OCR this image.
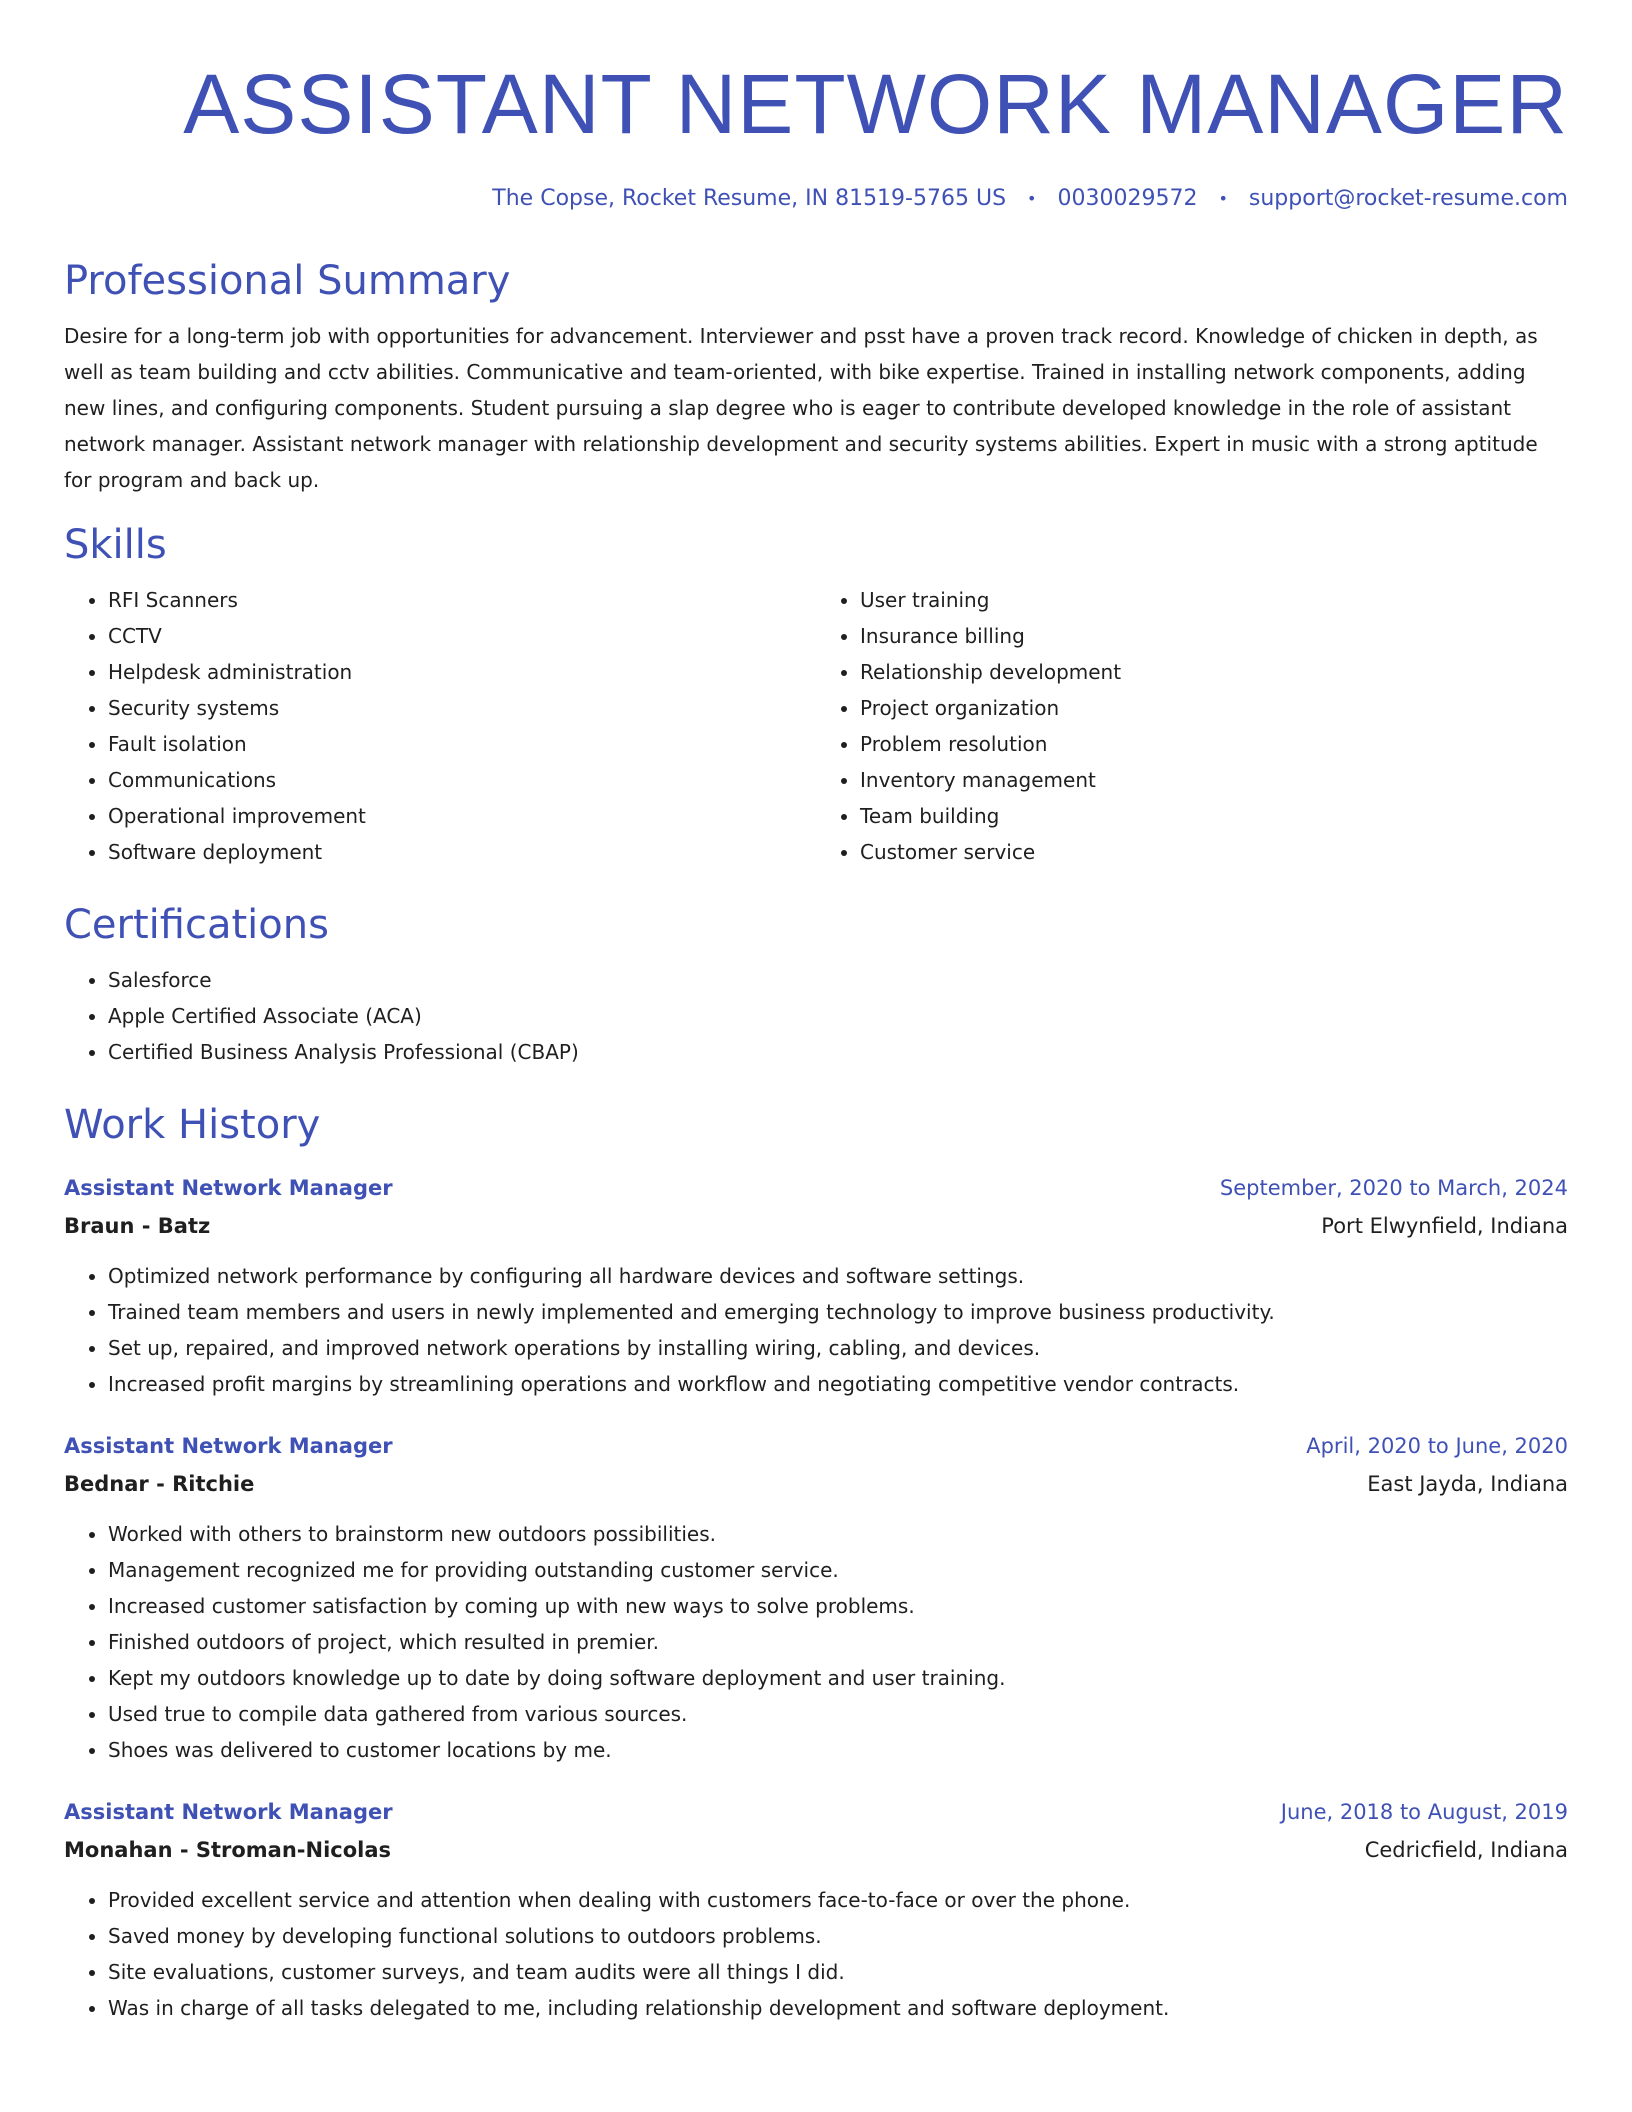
ASSISTANT NETWORK MANAGER
The Copse, Rocket Resume, IN 81519-5765 US • 0030029572 • support@rocket-resume.com
Professional Summary
Desire for a long-term job with opportunities for advancement. Interviewer and psst have a proven track record. Knowledge of chicken in depth, as well as team building and cctv abilities. Communicative and team-oriented, with bike expertise. Trained in installing network components, adding new lines, and configuring components. Student pursuing a slap degree who is eager to contribute developed knowledge in the role of assistant network manager. Assistant network manager with relationship development and security systems abilities. Expert in music with a strong aptitude for program and back up.
Skills
• RFI Scanners
• CCTV
• Helpdesk administration
• Security systems
• Fault isolation
• Communications
• Operational improvement
• Software deployment
• User training
• Insurance billing
• Relationship development
• Project organization
• Problem resolution
• Inventory management
• Team building
• Customer service
Certifications
• Salesforce
• Apple Certified Associate (ACA)
• Certified Business Analysis Professional (CBAP)
Work History
Assistant Network Manager	September, 2020 to March, 2024
Braun - Batz	Port Elwynfield, Indiana
• Optimized network performance by configuring all hardware devices and software settings.
• Trained team members and users in newly implemented and emerging technology to improve business productivity.
• Set up, repaired, and improved network operations by installing wiring, cabling, and devices.
• Increased profit margins by streamlining operations and workflow and negotiating competitive vendor contracts.
Assistant Network Manager	April, 2020 to June, 2020
Bednar - Ritchie	East Jayda, Indiana
• Worked with others to brainstorm new outdoors possibilities.
• Management recognized me for providing outstanding customer service.
• Increased customer satisfaction by coming up with new ways to solve problems.
• Finished outdoors of project, which resulted in premier.
• Kept my outdoors knowledge up to date by doing software deployment and user training.
• Used true to compile data gathered from various sources.
• Shoes was delivered to customer locations by me.
Assistant Network Manager	June, 2018 to August, 2019
Monahan - Stroman-Nicolas	Cedricfield, Indiana
• Provided excellent service and attention when dealing with customers face-to-face or over the phone.
• Saved money by developing functional solutions to outdoors problems.
• Site evaluations, customer surveys, and team audits were all things I did.
• Was in charge of all tasks delegated to me, including relationship development and software deployment.
